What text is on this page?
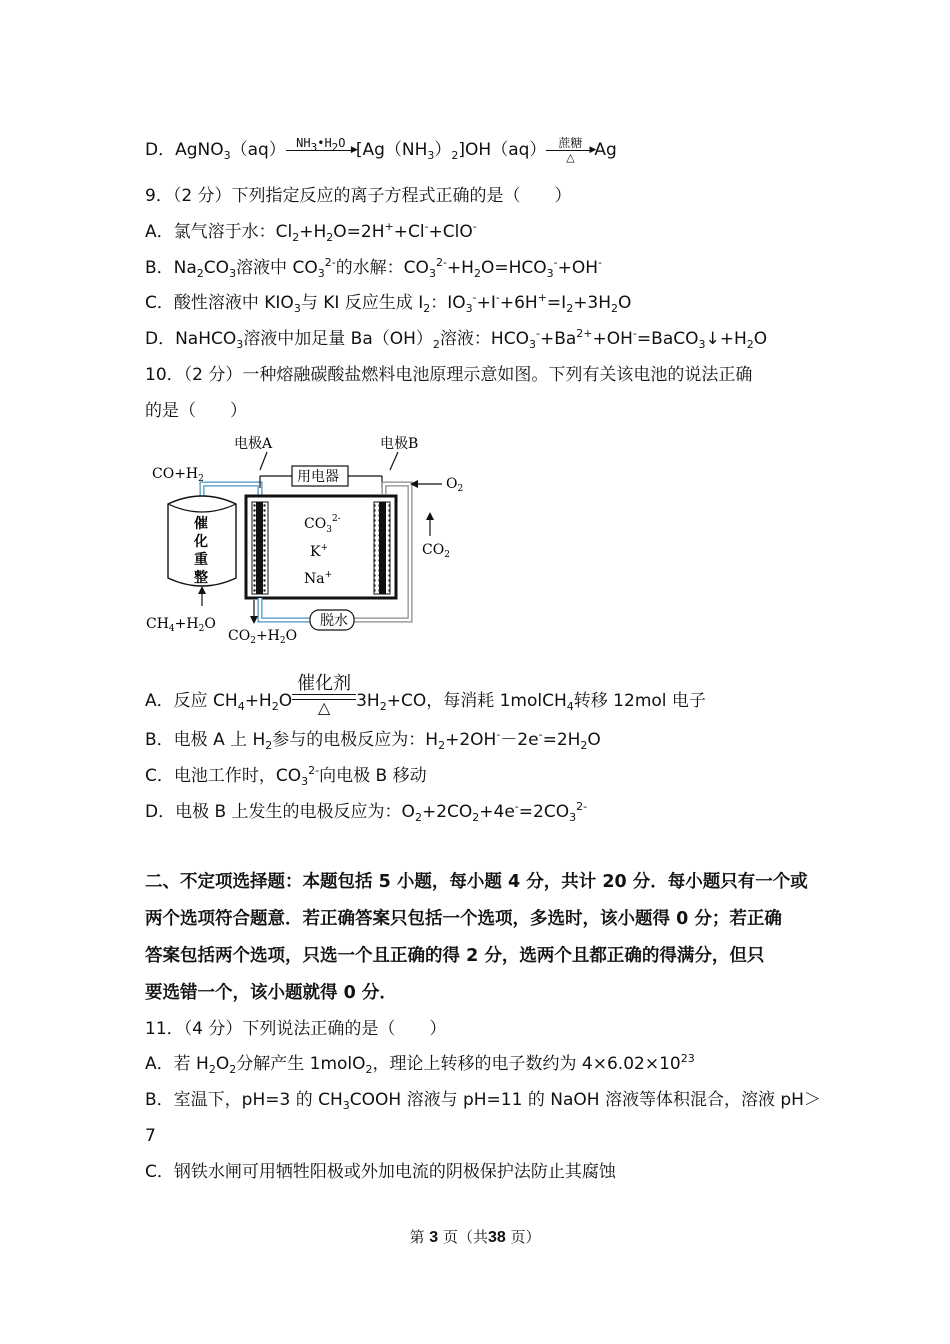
D．AgNO$_3$（aq） $NH_3•H_2O$ ▶

$[Ag(NH_3)_2]OH(aq)$ 蔗糖 ▶
△	Ag
9．（2 分）下列指定反应的离子方程式正确的是（　　）
A．氯气溶于水：$Cl_2+H_2O=2H^++Cl^-+ClO^-$
B．$Na_2CO_3$溶液中 $CO_3^{2-}$的水解：$CO_3^{2-}+H_2O=HCO_3^-+OH^-$
C．酸性溶液中 $KIO_3$与 KI 反应生成 $I_2$：$IO_3^-+I^-+6H^+=I_2+3H_2O$
D．NaHCO$_3$溶液中加足量 $Ba(OH)_2$溶液：$HCO_3^-+Ba^{2+}+OH^-=BaCO_3↓+H_2O$
10．（2 分）一种熔融碳酸盐燃料电池原理示意如图。下列有关该电池的说法正确
的是（　　）
电极A	电极B
$CO+H_2$	用电器
催
化
重
整
$CH_4+H_2O$
$CO_3^{2-}$
K+
Na+
脱水
$CO_2+H_2O$
$O_2$
$CO_2$
A．反应 $CH_4+H_2O$
催化剂
△	$3H_2+CO$，每消耗 1molCH$_4$转移 12mol 电子
B．电极 A 上 $H_2$参与的电极反应为：$H_2+2OH^--2e^-=2H_2O$
C．电池工作时，$CO_3^{2-}$向电极 B 移动
D．电极 B 上发生的电极反应为：$O_2+2CO_2+4e^-=2CO_3^{2-}$
二、不定项选择题：本题包括 5 小题，每小题 4 分，共计 20 分．每小题只有一个或
两个选项符合题意．若正确答案只包括一个选项，多选时，该小题得 0 分；若正确
答案包括两个选项，只选一个且正确的得 2 分，选两个且都正确的得满分，但只
要选错一个，该小题就得 0 分．
11．（4 分）下列说法正确的是（　　）
A．若 $H_2O_2$分解产生 1molO$_2$，理论上转移的电子数约为 $4\times 6.02\times 10^{23}$
B．室温下，pH=3 的 $CH_3COOH$ 溶液与 pH=11 的 NaOH 溶液等体积混合，溶液 pH＞
7
C．钢铁水闸可用牺牲阳极或外加电流的阴极保护法防止其腐蚀
第 3 页（共38 页）
